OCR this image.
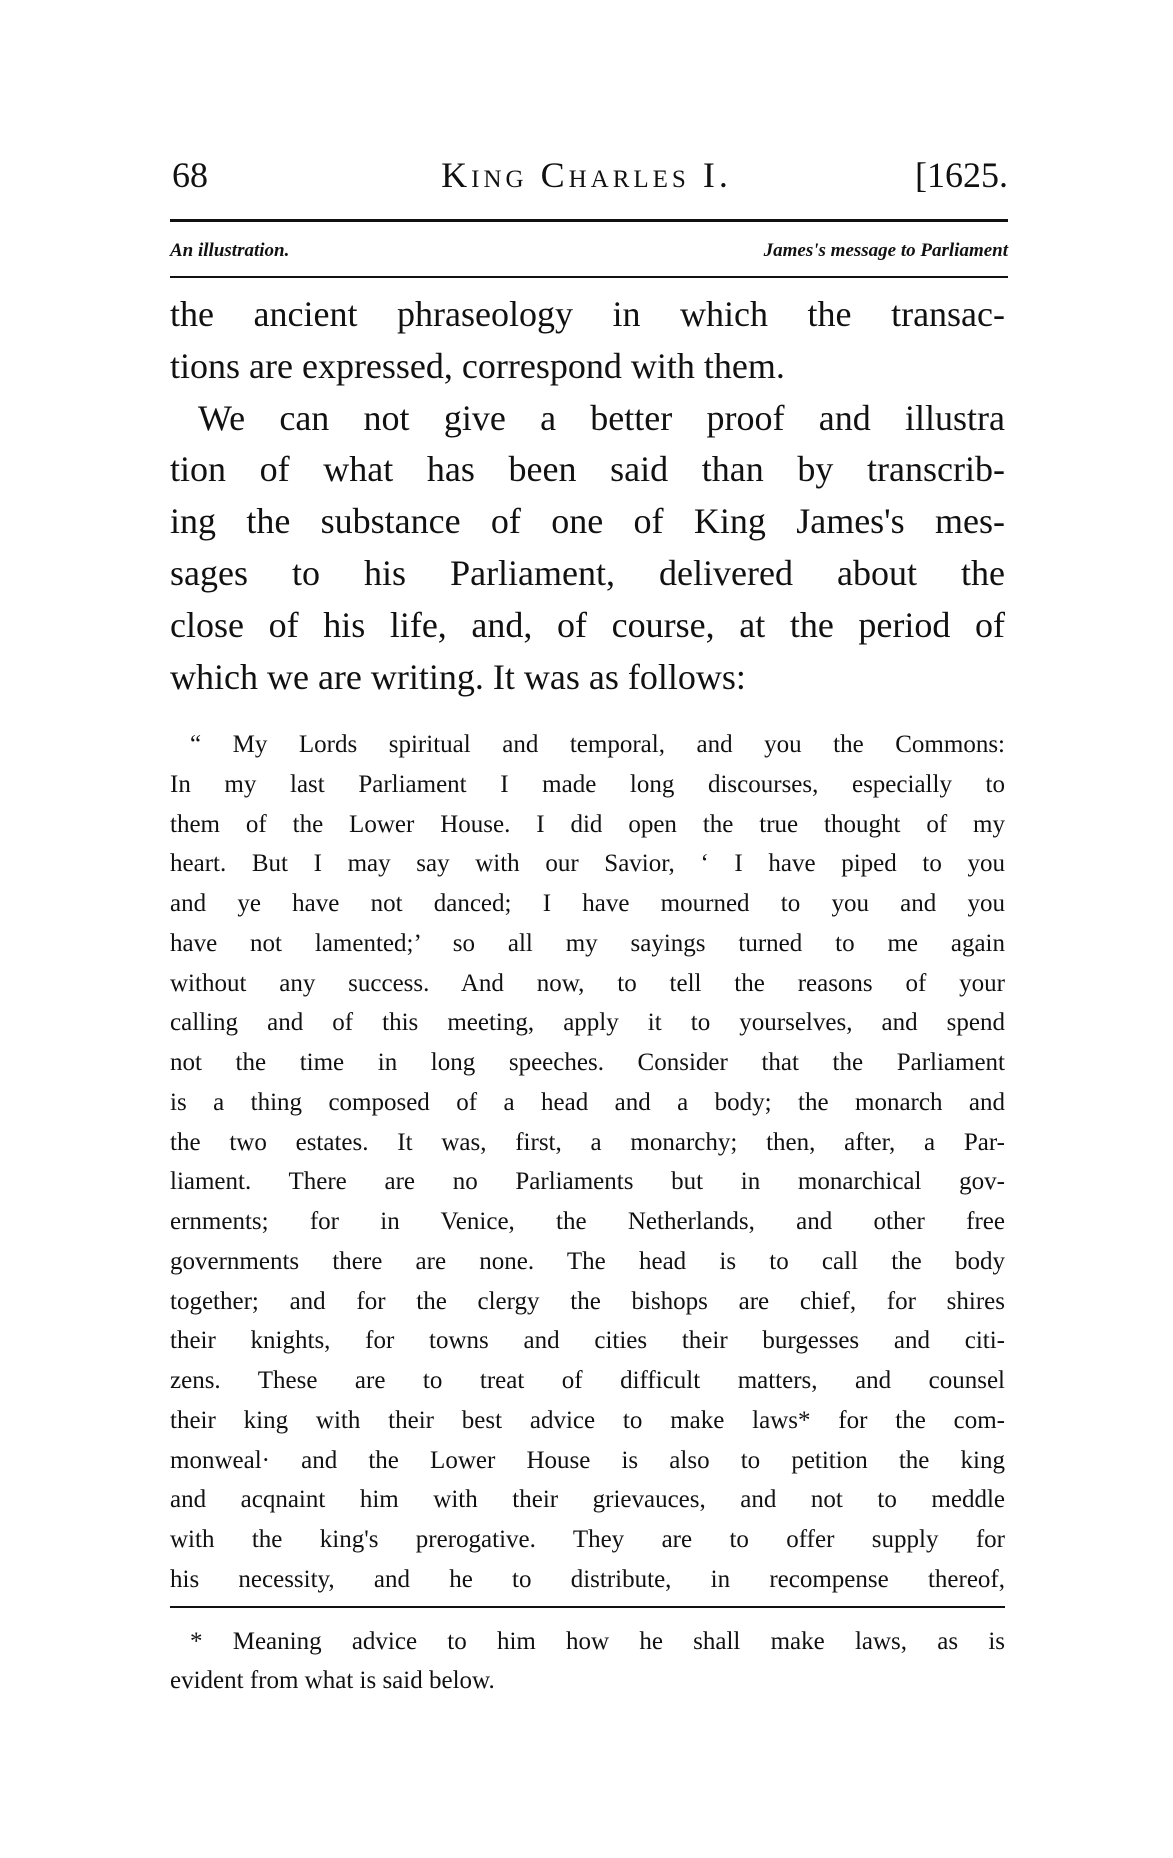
68	King Charles I.	[1625.
An illustration.	James's message to Parliament
the ancient phraseology in which the transac-
tions are expressed, correspond with them.
We can not give a better proof and illustra
tion of what has been said than by transcrib-
ing the substance of one of King James's mes-
sages to his Parliament, delivered about the
close of his life, and, of course, at the period of
which we are writing. It was as follows:
“ My Lords spiritual and temporal, and you the Commons:
In my last Parliament I made long discourses, especially to
them of the Lower House. I did open the true thought of my
heart. But I may say with our Savior, ‘ I have piped to you
and ye have not danced; I have mourned to you and you
have not lamented;’ so all my sayings turned to me again
without any success. And now, to tell the reasons of your
calling and of this meeting, apply it to yourselves, and spend
not the time in long speeches. Consider that the Parliament
is a thing composed of a head and a body; the monarch and
the two estates. It was, first, a monarchy; then, after, a Par-
liament. There are no Parliaments but in monarchical gov-
ernments; for in Venice, the Netherlands, and other free
governments there are none. The head is to call the body
together; and for the clergy the bishops are chief, for shires
their knights, for towns and cities their burgesses and citi-
zens. These are to treat of difficult matters, and counsel
their king with their best advice to make laws* for the com-
monweal· and the Lower House is also to petition the king
and acqnaint him with their grievauces, and not to meddle
with the king's prerogative. They are to offer supply for
his necessity, and he to distribute, in recompense thereof,
* Meaning advice to him how he shall make laws, as is
evident from what is said below.
